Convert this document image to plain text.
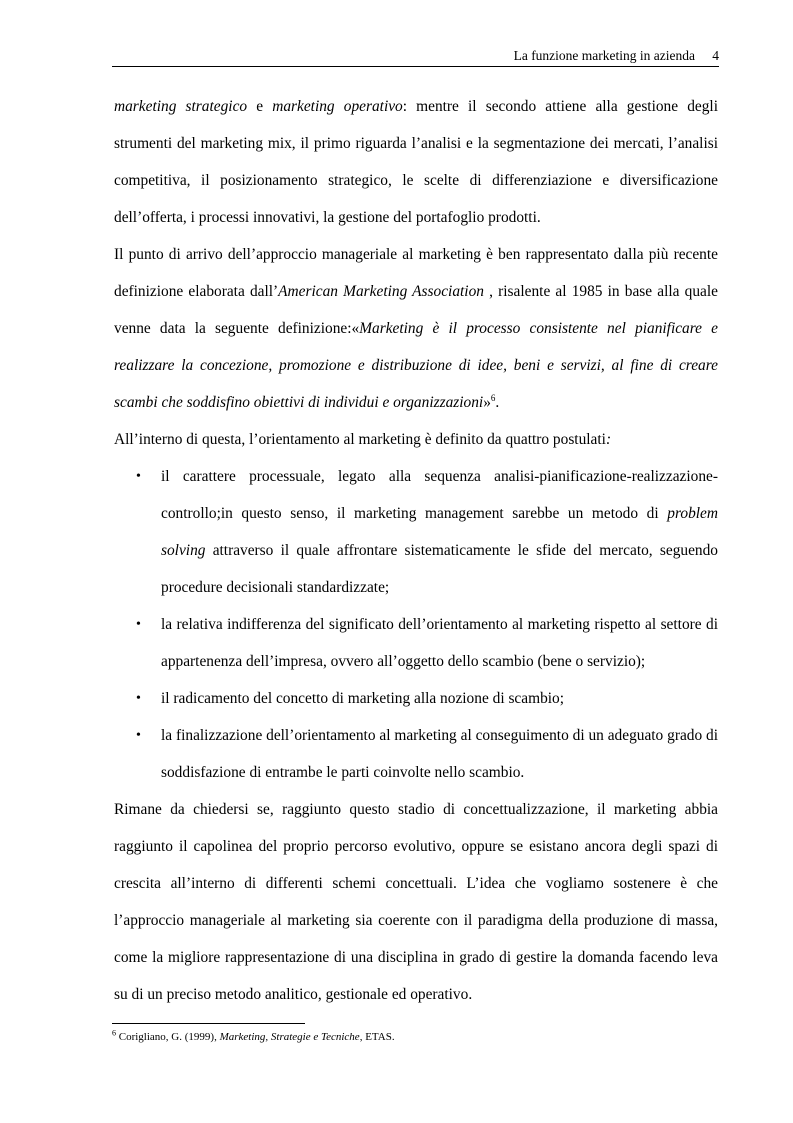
La funzione marketing in azienda 4

marketing strategico e marketing operativo: mentre il secondo attiene alla gestione degli strumenti del marketing mix, il primo riguarda l’analisi e la segmentazione dei mercati, l’analisi competitiva, il posizionamento strategico, le scelte di differenziazione e diversificazione dell’offerta, i processi innovativi, la gestione del portafoglio prodotti.

Il punto di arrivo dell’approccio manageriale al marketing è ben rappresentato dalla più recente definizione elaborata dall’American Marketing Association , risalente al 1985 in base alla quale venne data la seguente definizione:«Marketing è il processo consistente nel pianificare e realizzare la concezione, promozione e distribuzione di idee, beni e servizi, al fine di creare scambi che soddisfino obiettivi di individui e organizzazioni»$^6$.

All’interno di questa, l’orientamento al marketing è definito da quattro postulati:

• il carattere processuale, legato alla sequenza analisi-pianificazione-realizzazione-controllo;in questo senso, il marketing management sarebbe un metodo di problem solving attraverso il quale affrontare sistematicamente le sfide del mercato, seguendo procedure decisionali standardizzate;
• la relativa indifferenza del significato dell’orientamento al marketing rispetto al settore di appartenenza dell’impresa, ovvero all’oggetto dello scambio (bene o servizio);
• il radicamento del concetto di marketing alla nozione di scambio;
• la finalizzazione dell’orientamento al marketing al conseguimento di un adeguato grado di soddisfazione di entrambe le parti coinvolte nello scambio.

Rimane da chiedersi se, raggiunto questo stadio di concettualizzazione, il marketing abbia raggiunto il capolinea del proprio percorso evolutivo, oppure se esistano ancora degli spazi di crescita all’interno di differenti schemi concettuali. L’idea che vogliamo sostenere è che l’approccio manageriale al marketing sia coerente con il paradigma della produzione di massa, come la migliore rappresentazione di una disciplina in grado di gestire la domanda facendo leva su di un preciso metodo analitico, gestionale ed operativo.

$^6$ Corigliano, G. (1999), Marketing, Strategie e Tecniche, ETAS.
